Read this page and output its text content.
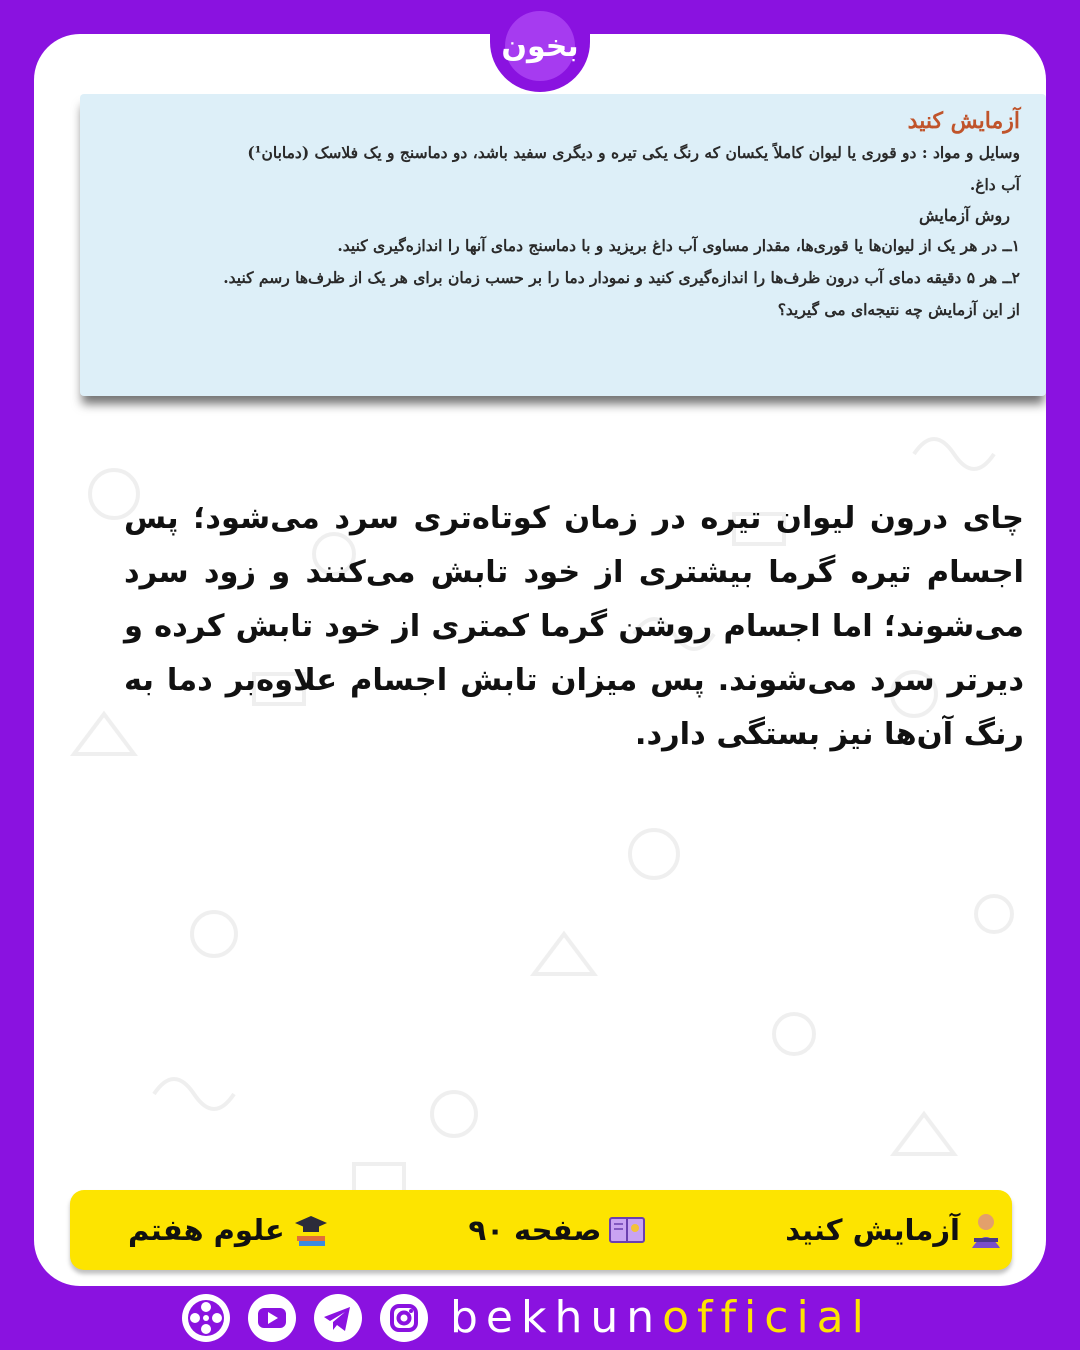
آزمایش کنید

وسایل و مواد : دو قوری یا لیوان کاملاً یکسان که رنگ یکی تیره و دیگری سفید باشد، دو دماسنج و یک فلاسک (دمابان¹)

آب داغ.

روش آزمایش

۱ــ در هر یک از لیوان‌ها یا قوری‌ها، مقدار مساوی آب داغ بریزید و با دماسنج دمای آنها را اندازه‌گیری کنید.

۲ــ هر ۵ دقیقه دمای آب درون ظرف‌ها را اندازه‌گیری کنید و نمودار دما را بر حسب زمان برای هر یک از ظرف‌ها رسم کنید.

از این آزمایش چه نتیجه‌ای می گیرید؟

چای درون لیوان تیره در زمان کوتاه‌تری سرد می‌شود؛ پس اجسام تیره گرما بیشتری از خود تابش می‌کنند و زود سرد می‌شوند؛ اما اجسام روشن گرما کمتری از خود تابش کرده و دیرتر سرد می‌شوند. پس میزان تابش اجسام علاوه‌بر دما به رنگ آن‌ها نیز بستگی دارد.
بخون
آزمایش کنید
صفحه ۹۰
علوم هفتم
bekhunofficial
